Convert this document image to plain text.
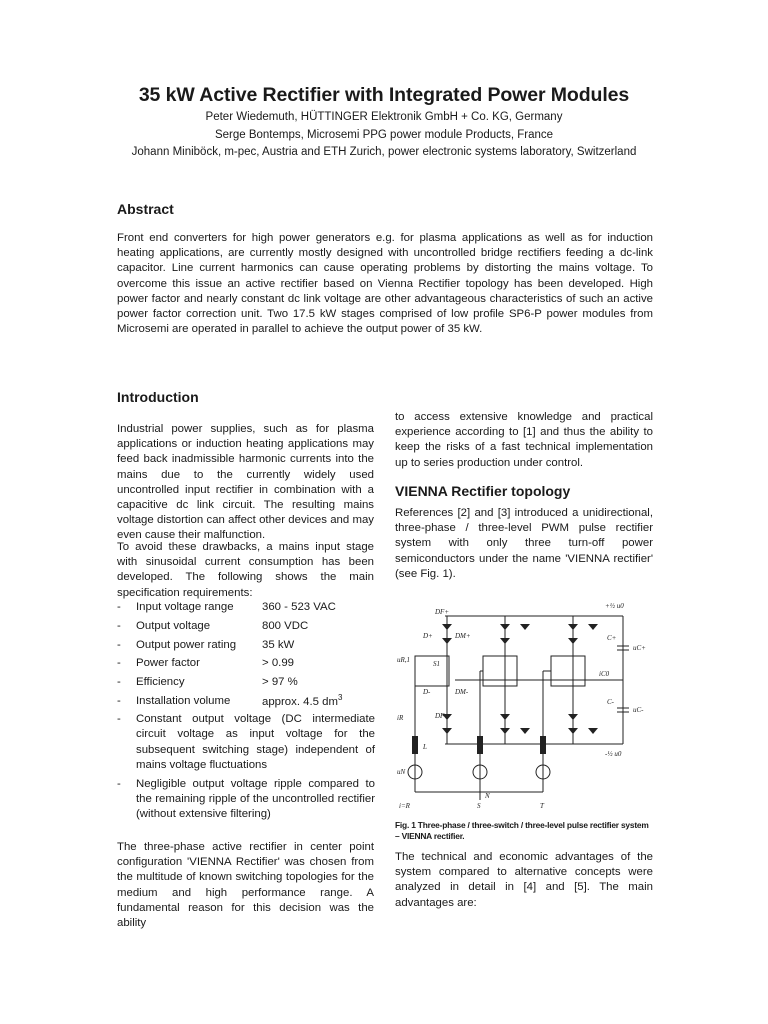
35 kW Active Rectifier with Integrated Power Modules
Peter Wiedemuth, HÜTTINGER Elektronik GmbH + Co. KG, Germany
Serge Bontemps, Microsemi PPG power module Products, France
Johann Miniböck, m-pec, Austria and ETH Zurich, power electronic systems laboratory, Switzerland
Abstract
Front end converters for high power generators e.g. for plasma applications as well as for induction heating applications, are currently mostly designed with uncontrolled bridge rectifiers feeding a dc-link capacitor. Line current harmonics can cause operating problems by distorting the mains voltage. To overcome this issue an active rectifier based on Vienna Rectifier topology has been developed. High power factor and nearly constant dc link voltage are other advantageous characteristics of such an active power factor correction unit. Two 17.5 kW stages comprised of low profile SP6-P power modules from Microsemi are operated in parallel to achieve the output power of 35 kW.
Introduction
Industrial power supplies, such as for plasma applications or induction heating applications may feed back inadmissible harmonic currents into the mains due to the currently widely used uncontrolled input rectifier in combination with a capacitive dc link circuit. The resulting mains voltage distortion can affect other devices and may even cause their malfunction.
To avoid these drawbacks, a mains input stage with sinusoidal current consumption has been developed. The following shows the main specification requirements:
-	Input voltage range	360 - 523 VAC
-	Output voltage	800 VDC
-	Output power rating	35 kW
-	Power factor	> 0.99
-	Efficiency	> 97 %
-	Installation volume	approx. 4.5 $dm^3$
-	Constant output voltage (DC intermediate circuit voltage as input voltage for the subsequent switching stage) independent of mains voltage fluctuations
-	Negligible output voltage ripple compared to the remaining ripple of the uncontrolled rectifier (without extensive filtering)
The three-phase active rectifier in center point configuration 'VIENNA Rectifier' was chosen from the multitude of known switching topologies for the medium and high performance range. A fundamental reason for this decision was the ability
to access extensive knowledge and practical experience according to [1] and thus the ability to keep the risks of a fast technical implementation up to series production under control.
VIENNA Rectifier topology
References [2] and [3] introduced a unidirectional, three-phase / three-level PWM pulse rectifier system with only three turn-off power semiconductors under the name 'VIENNA rectifier' (see Fig. 1).
DF+
D+	DM+
S1
uR,1
D-	DM-
DF-
iR
L
uN
N
i=R	S	T
iC0
C+
C-
uC+
uC-
+½ u0
-½ u0
Fig. 1 Three-phase / three-switch / three-level pulse rectifier system – VIENNA rectifier.
The technical and economic advantages of the system compared to alternative concepts were analyzed in detail in [4] and [5]. The main advantages are:
